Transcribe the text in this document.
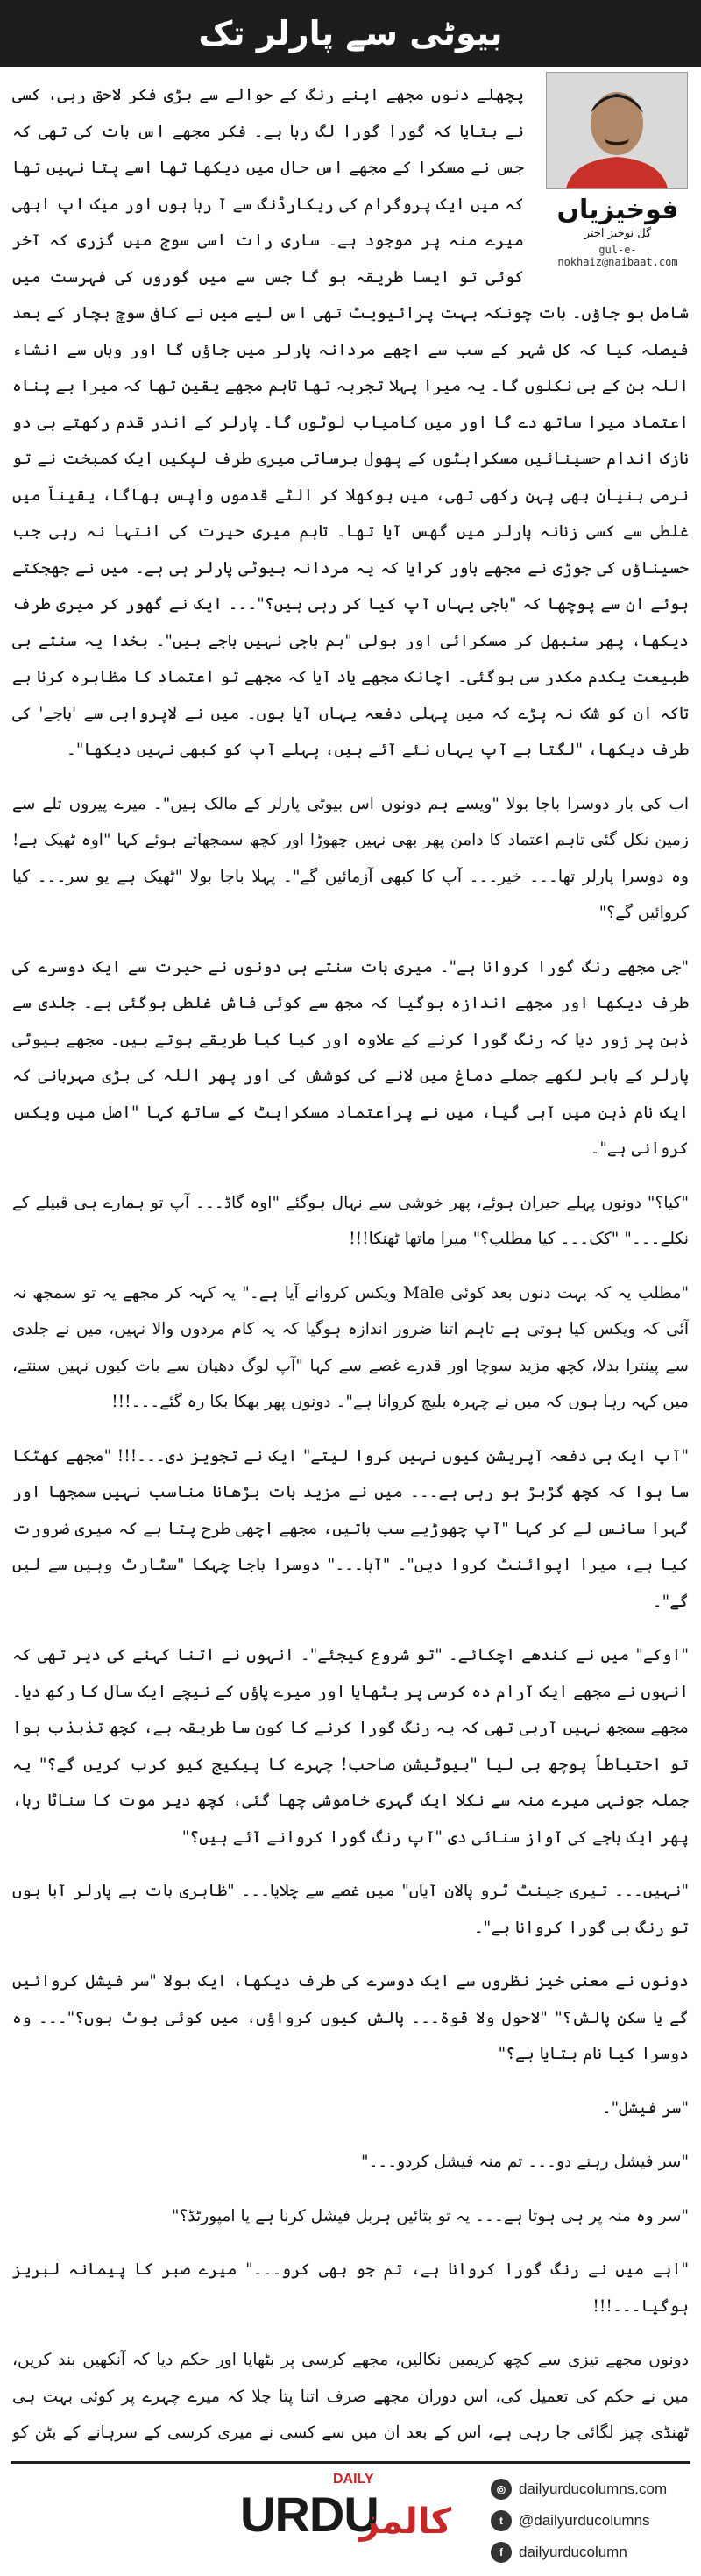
بیوٹی سے پارلر تک
فوخیزیاں
گل نوخیز اختر
gul-e-nokhaiz@naibaat.com

پچھلے دنوں مجھے اپنے رنگ کے حوالے سے بڑی فکر لاحق رہی، کسی نے بتایا کہ گورا گورا لگ رہا ہے۔ فکر مجھے اس بات کی تھی کہ جس نے مسکرا کے مجھے اس حال میں دیکھا تھا اسے پتا نہیں تھا کہ میں ایک پروگرام کی ریکارڈنگ سے آ رہا ہوں اور میک اپ ابھی میرے منہ پر موجود ہے۔ ساری رات اسی سوچ میں گزری کہ آخر کوئی تو ایسا طریقہ ہو گا جس سے میں گوروں کی فہرست میں شامل ہو جاؤں۔ بات چونکہ بہت پرائیویٹ تھی اس لیے میں نے کافی سوچ بچار کے بعد فیصلہ کیا کہ کل شہر کے سب سے اچھے مردانہ پارلر میں جاؤں گا اور وہاں سے انشاء اللہ بن کے ہی نکلوں گا۔ یہ میرا پہلا تجربہ تھا تاہم مجھے یقین تھا کہ میرا بے پناہ اعتماد میرا ساتھ دے گا اور میں کامیاب لوٹوں گا۔ پارلر کے اندر قدم رکھتے ہی دو نازک اندام حسینائیں مسکراہٹوں کے پھول برساتی میری طرف لپکیں ایک کمبخت نے تو نرمی بنیان بھی پہن رکھی تھی، میں بوکھلا کر الٹے قدموں واپس بھاگا، یقیناً میں غلطی سے کسی زنانہ پارلر میں گھس آیا تھا۔ تاہم میری حیرت کی انتہا نہ رہی جب حسیناؤں کی جوڑی نے مجھے باور کرایا کہ یہ مردانہ بیوٹی پارلر ہی ہے۔ میں نے جھجکتے ہوئے ان سے پوچھا کہ "باجی یہاں آپ کیا کر رہی ہیں؟"۔۔۔ ایک نے گھور کر میری طرف دیکھا، پھر سنبھل کر مسکرائی اور بولی "ہم باجی نہیں باجے ہیں"۔ بخدا یہ سنتے ہی طبیعت یکدم مکدر سی ہوگئی۔ اچانک مجھے یاد آیا کہ مجھے تو اعتماد کا مظاہرہ کرنا ہے تاکہ ان کو شک نہ پڑے کہ میں پہلی دفعہ یہاں آیا ہوں۔ میں نے لاپرواہی سے 'باجے' کی طرف دیکھا، "لگتا ہے آپ یہاں نئے آئے ہیں، پہلے آپ کو کبھی نہیں دیکھا"۔

اب کی بار دوسرا باجا بولا "ویسے ہم دونوں اس بیوٹی پارلر کے مالک ہیں"۔ میرے پیروں تلے سے زمین نکل گئی تاہم اعتماد کا دامن پھر بھی نہیں چھوڑا اور کچھ سمجھاتے ہوئے کہا "اوہ ٹھیک ہے! وہ دوسرا پارلر تھا۔۔۔ خیر۔۔۔ آپ کا کبھی آزمائیں گے"۔ پہلا باجا بولا "ٹھیک ہے یو سر۔۔۔ کیا کروائیں گے؟"

"جی مجھے رنگ گورا کروانا ہے"۔ میری بات سنتے ہی دونوں نے حیرت سے ایک دوسرے کی طرف دیکھا اور مجھے اندازہ ہوگیا کہ مجھ سے کوئی فاش غلطی ہوگئی ہے۔ جلدی سے ذہن پر زور دیا کہ رنگ گورا کرنے کے علاوہ اور کیا کیا طریقے ہوتے ہیں۔ مجھے بیوٹی پارلر کے باہر لکھے جملے دماغ میں لانے کی کوشش کی اور پھر اللہ کی بڑی مہربانی کہ ایک نام ذہن میں آہی گیا، میں نے پراعتماد مسکراہٹ کے ساتھ کہا "اصل میں ویکس کروانی ہے"۔

"کیا؟" دونوں پہلے حیران ہوئے، پھر خوشی سے نہال ہوگئے "اوہ گاڈ۔۔۔ آپ تو ہمارے ہی قبیلے کے نکلے۔۔۔" "کک۔۔۔ کیا مطلب؟" میرا ماتھا ٹھنکا!!!

"مطلب یہ کہ بہت دنوں بعد کوئی Male ویکس کروانے آیا ہے۔" یہ کہہ کر مجھے یہ تو سمجھ نہ آئی کہ ویکس کیا ہوتی ہے تاہم اتنا ضرور اندازہ ہوگیا کہ یہ کام مردوں والا نہیں، میں نے جلدی سے پینترا بدلا، کچھ مزید سوچا اور قدرے غصے سے کہا "آپ لوگ دھیان سے بات کیوں نہیں سنتے، میں کہہ رہا ہوں کہ میں نے چہرہ بلیچ کروانا ہے"۔ دونوں پھر بھکا بکا رہ گئے۔۔۔!!!

"آپ ایک ہی دفعہ آپریشن کیوں نہیں کروا لیتے" ایک نے تجویز دی۔۔۔!!! "مجھے کھٹکا سا ہوا کہ کچھ گڑبڑ ہو رہی ہے۔۔۔ میں نے مزید بات بڑھانا مناسب نہیں سمجھا اور گہرا سانس لے کر کہا "آپ چھوڑیے سب باتیں، مجھے اچھی طرح پتا ہے کہ میری ضرورت کیا ہے، میرا اپوائنٹ کروا دیں"۔ "آہا۔۔۔" دوسرا باجا چہکا "سٹارٹ وہیں سے لیں گے"۔

"اوکے" میں نے کندھے اچکائے۔ "تو شروع کیجئے"۔ انہوں نے اتنا کہنے کی دیر تھی کہ انہوں نے مجھے ایک آرام دہ کرسی پر بٹھایا اور میرے پاؤں کے نیچے ایک سال کا رکھ دیا۔ مجھے سمجھ نہیں آرہی تھی کہ یہ رنگ گورا کرنے کا کون سا طریقہ ہے، کچھ تذبذب ہوا تو احتیاطاً پوچھ ہی لیا "بیوٹیشن صاحب! چہرے کا پیکیج کیو کرب کریں گے؟" یہ جملہ جونہی میرے منہ سے نکلا ایک گہری خاموشی چھا گئی، کچھ دیر موت کا سناٹا رہا، پھر ایک باجے کی آواز سنائی دی "آپ رنگ گورا کروانے آئے ہیں؟"

"نہیں۔۔۔ تیری جینٹ ٹرو پالان آیاں" میں غصے سے چلایا۔۔۔ "ظاہری بات ہے پارلر آیا ہوں تو رنگ ہی گورا کروانا ہے"۔

دونوں نے معنی خیز نظروں سے ایک دوسرے کی طرف دیکھا، ایک بولا "سر فیشل کروائیں گے یا سکن پالش؟" "لاحول ولا قوۃ۔۔۔ پالش کیوں کرواؤں، میں کوئی بوٹ ہوں؟"۔۔۔ وہ دوسرا کیا نام بتایا ہے؟"

"سر فیشل"۔

"سر فیشل رہنے دو۔۔۔ تم منہ فیشل کردو۔۔۔"

"سر وہ منہ پر ہی ہوتا ہے۔۔۔ یہ تو بتائیں ہربل فیشل کرنا ہے یا امپورٹڈ؟"

"ابے میں نے رنگ گورا کروانا ہے، تم جو بھی کرو۔۔۔" میرے صبر کا پیمانہ لبریز ہوگیا۔۔۔!!!

دونوں مجھے تیزی سے کچھ کریمیں نکالیں، مجھے کرسی پر بٹھایا اور حکم دیا کہ آنکھیں بند کریں، میں نے حکم کی تعمیل کی، اس دوران مجھے صرف اتنا پتا چلا کہ میرے چہرے پر کوئی بہت ہی ٹھنڈی چیز لگائی جا رہی ہے، اس کے بعد ان میں سے کسی نے میری کرسی کے سرہانے کے بٹن کو

DAILY
URDU
کالمز
◎ dailyurducolumns.com
t	@dailyurducolumns
f	dailyurducolumn
